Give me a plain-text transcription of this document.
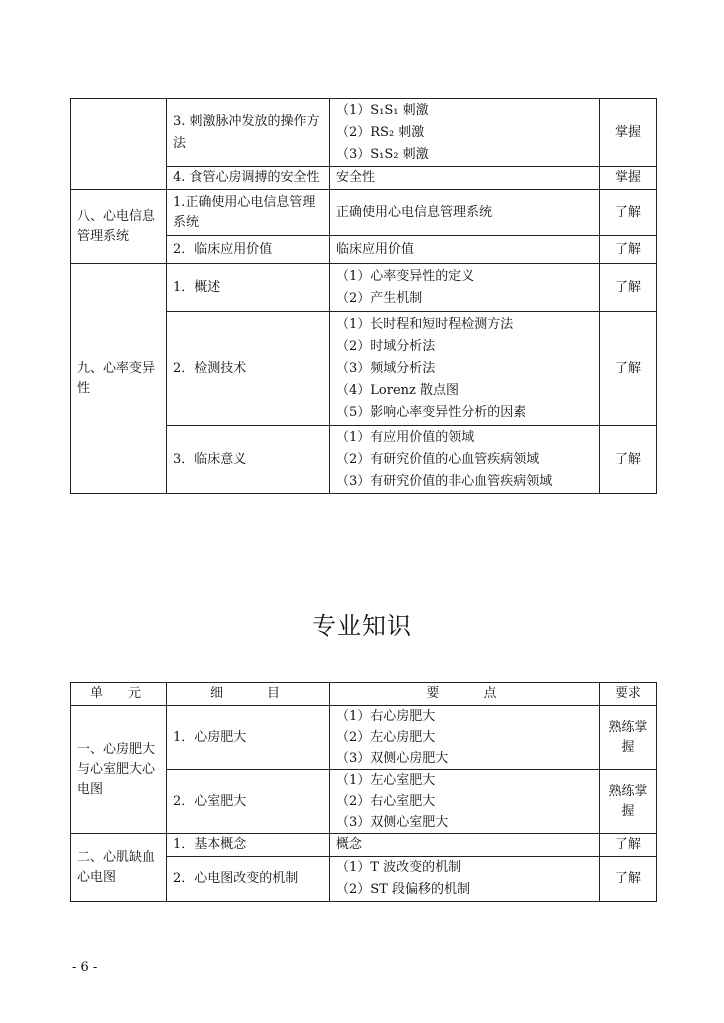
	3. 刺激脉冲发放的操作方法	（1）S₁S₁ 刺激
（2）RS₂ 刺激
（3）S₁S₂ 刺激	掌握
	4. 食管心房调搏的安全性	安全性	掌握
八、心电信息管理系统	1.正确使用心电信息管理系统	正确使用心电信息管理系统	了解
	2．临床应用价值	临床应用价值	了解
九、心率变异性	1．概述	（1）心率变异性的定义
（2）产生机制	了解
	2．检测技术	（1）长时程和短时程检测方法
（2）时域分析法
（3）频域分析法
（4）Lorenz 散点图
（5）影响心率变异性分析的因素	了解
	3．临床意义	（1）有应用价值的领域
（2）有研究价值的心血管疾病领域
（3）有研究价值的非心血管疾病领域	了解
专业知识
单　元	细　　目	要　　点	要求
一、心房肥大与心室肥大心电图	1．心房肥大	（1）右心房肥大
（2）左心房肥大
（3）双侧心房肥大	熟练掌握
	2．心室肥大	（1）左心室肥大
（2）右心室肥大
（3）双侧心室肥大	熟练掌握
二、心肌缺血心电图	1．基本概念	概念	了解
	2．心电图改变的机制	（1）T 波改变的机制
（2）ST 段偏移的机制	了解
- 6 -
